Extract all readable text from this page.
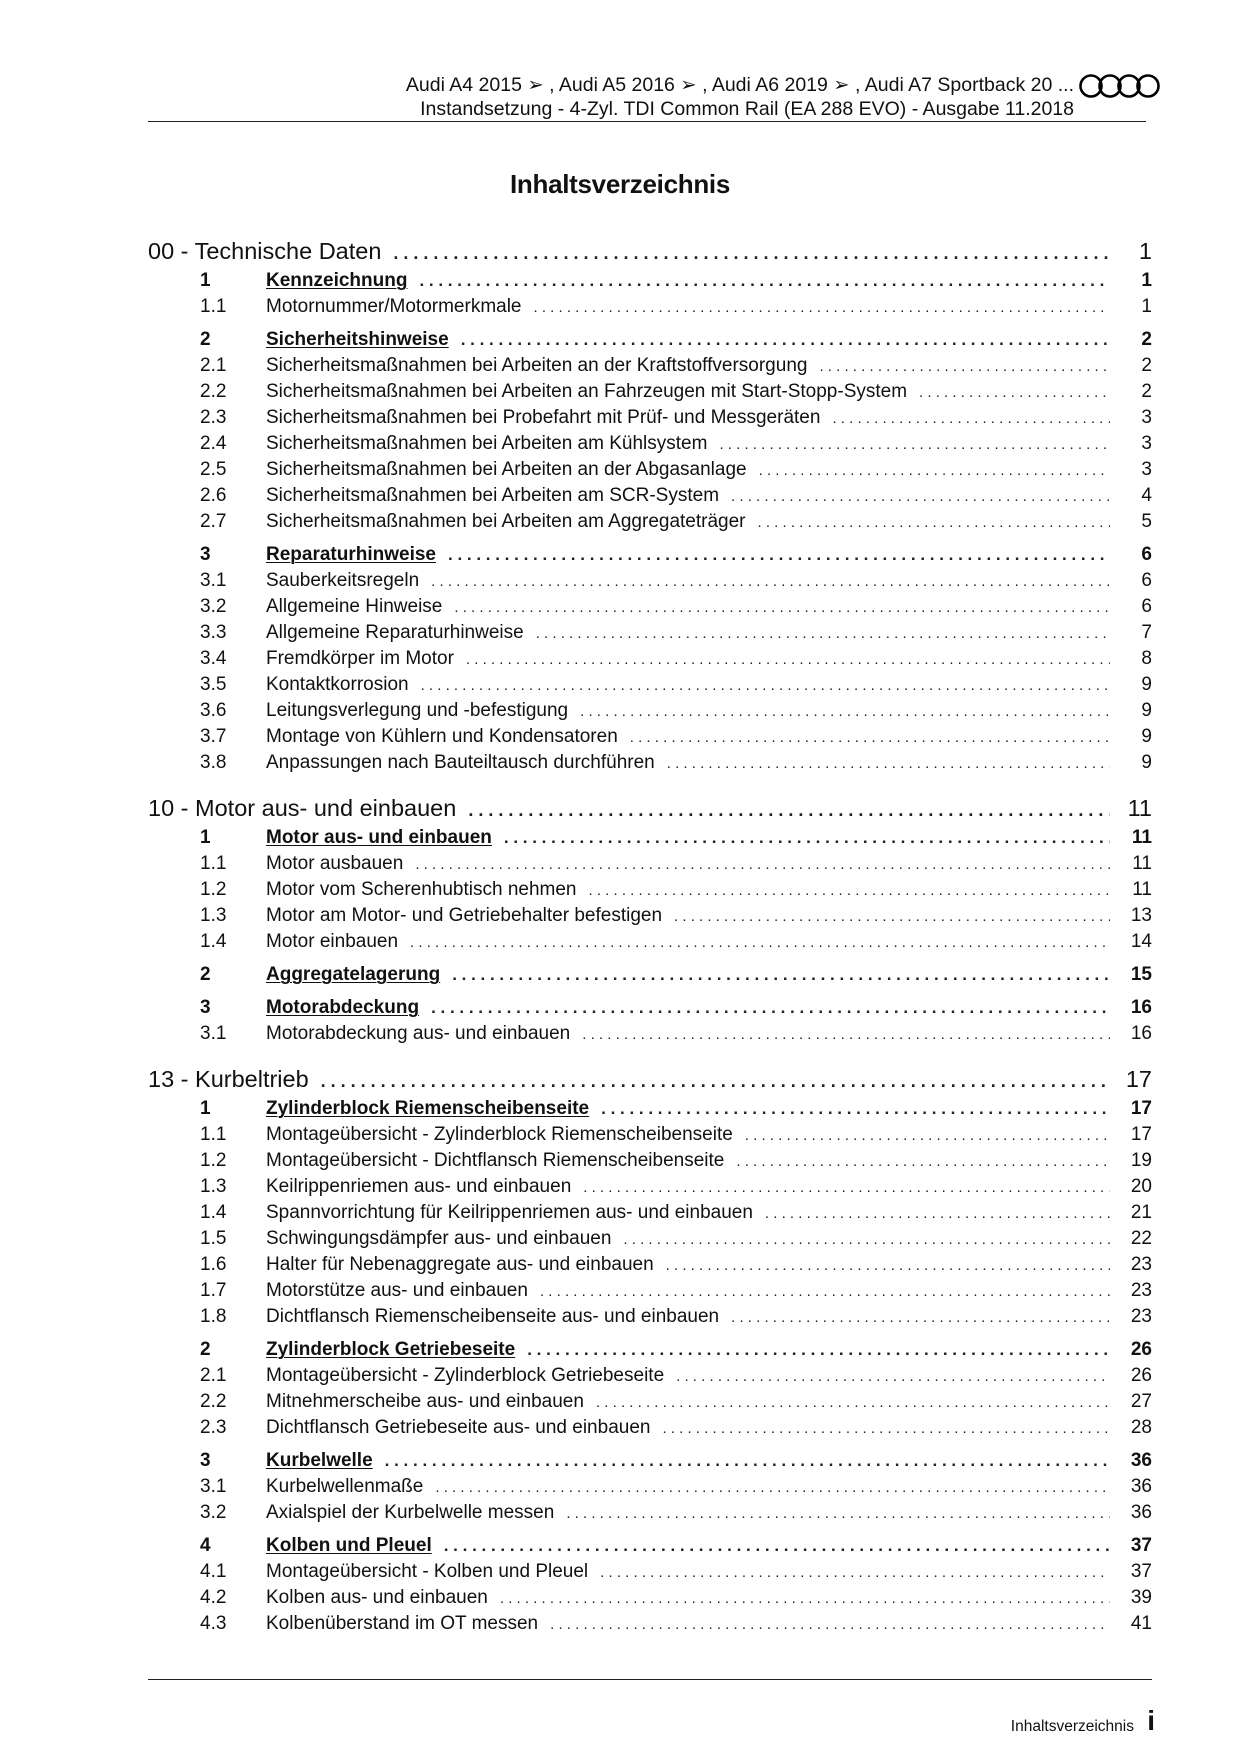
Audi A4 2015 ➢ , Audi A5 2016 ➢ , Audi A6 2019 ➢ , Audi A7 Sportback 20 ...
Instandsetzung - 4-Zyl. TDI Common Rail (EA 288 EVO) - Ausgabe 11.2018
Inhaltsverzeichnis
00 - Technische Daten . . .	1
1	Kennzeichnung . . .	1
1.1	Motornummer/Motormerkmale . . .	1
2	Sicherheitshinweise . . .	2
2.1	Sicherheitsmaßnahmen bei Arbeiten an der Kraftstoffversorgung . . .	2
2.2	Sicherheitsmaßnahmen bei Arbeiten an Fahrzeugen mit Start-Stopp-System . . .	2
2.3	Sicherheitsmaßnahmen bei Probefahrt mit Prüf- und Messgeräten . . .	3
2.4	Sicherheitsmaßnahmen bei Arbeiten am Kühlsystem . . .	3
2.5	Sicherheitsmaßnahmen bei Arbeiten an der Abgasanlage . . .	3
2.6	Sicherheitsmaßnahmen bei Arbeiten am SCR-System . . .	4
2.7	Sicherheitsmaßnahmen bei Arbeiten am Aggregateträger . . .	5
3	Reparaturhinweise . . .	6
3.1	Sauberkeitsregeln . . .	6
3.2	Allgemeine Hinweise . . .	6
3.3	Allgemeine Reparaturhinweise . . .	7
3.4	Fremdkörper im Motor . . .	8
3.5	Kontaktkorrosion . . .	9
3.6	Leitungsverlegung und -befestigung . . .	9
3.7	Montage von Kühlern und Kondensatoren . . .	9
3.8	Anpassungen nach Bauteiltausch durchführen . . .	9
10 - Motor aus- und einbauen . . .	11
1	Motor aus- und einbauen . . .	11
1.1	Motor ausbauen . . .	11
1.2	Motor vom Scherenhubtisch nehmen . . .	11
1.3	Motor am Motor- und Getriebehalter befestigen . . .	13
1.4	Motor einbauen . . .	14
2	Aggregatelagerung . . .	15
3	Motorabdeckung . . .	16
3.1	Motorabdeckung aus- und einbauen . . .	16
13 - Kurbeltrieb . . .	17
1	Zylinderblock Riemenscheibenseite . . .	17
1.1	Montageübersicht - Zylinderblock Riemenscheibenseite . . .	17
1.2	Montageübersicht - Dichtflansch Riemenscheibenseite . . .	19
1.3	Keilrippenriemen aus- und einbauen . . .	20
1.4	Spannvorrichtung für Keilrippenriemen aus- und einbauen . . .	21
1.5	Schwingungsdämpfer aus- und einbauen . . .	22
1.6	Halter für Nebenaggregate aus- und einbauen . . .	23
1.7	Motorstütze aus- und einbauen . . .	23
1.8	Dichtflansch Riemenscheibenseite aus- und einbauen . . .	23
2	Zylinderblock Getriebeseite . . .	26
2.1	Montageübersicht - Zylinderblock Getriebeseite . . .	26
2.2	Mitnehmerscheibe aus- und einbauen . . .	27
2.3	Dichtflansch Getriebeseite aus- und einbauen . . .	28
3	Kurbelwelle . . .	36
3.1	Kurbelwellenmaße . . .	36
3.2	Axialspiel der Kurbelwelle messen . . .	36
4	Kolben und Pleuel . . .	37
4.1	Montageübersicht - Kolben und Pleuel . . .	37
4.2	Kolben aus- und einbauen . . .	39
4.3	Kolbenüberstand im OT messen . . .	41
Inhaltsverzeichnis i
